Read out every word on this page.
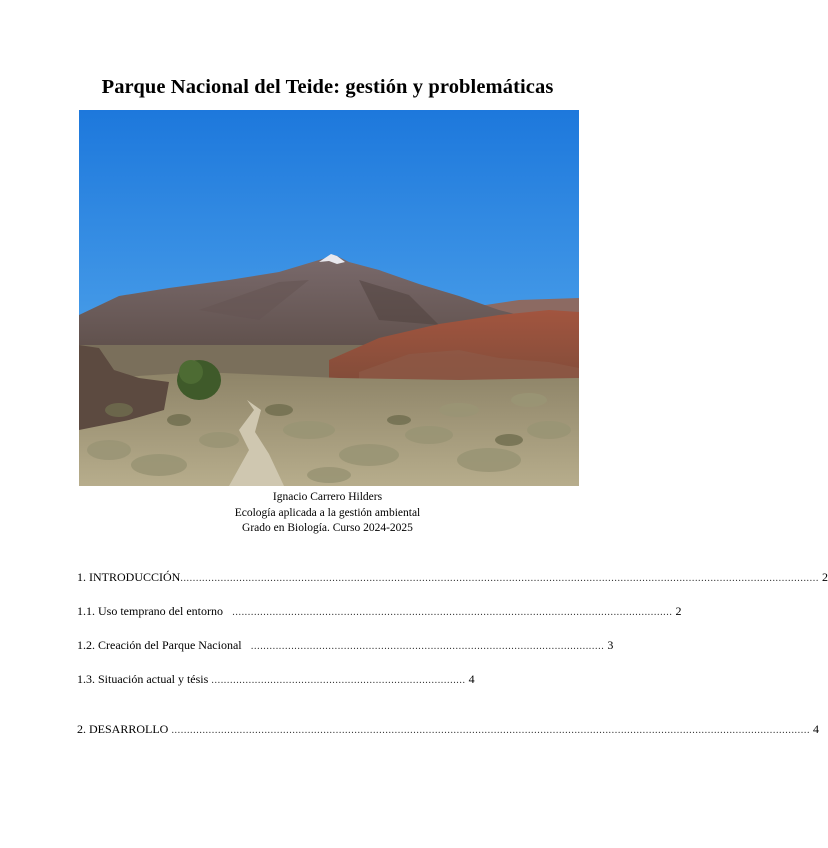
Parque Nacional del Teide: gestión y problemáticas
Ignacio Carrero Hilders
Ecología aplicada a la gestión ambiental
Grado en Biología. Curso 2024-2025
1. INTRODUCCIÓN .............................................................................................................................................................................................................. 2
1.1. Uso temprano del entorno .............................................................................................................................................. 2
1.2. Creación del Parque Nacional .................................................................................................................. 3
1.3. Situación actual y tésis .................................................................................. 4
2. DESARROLLO .............................................................................................................................................................................................................. 4
